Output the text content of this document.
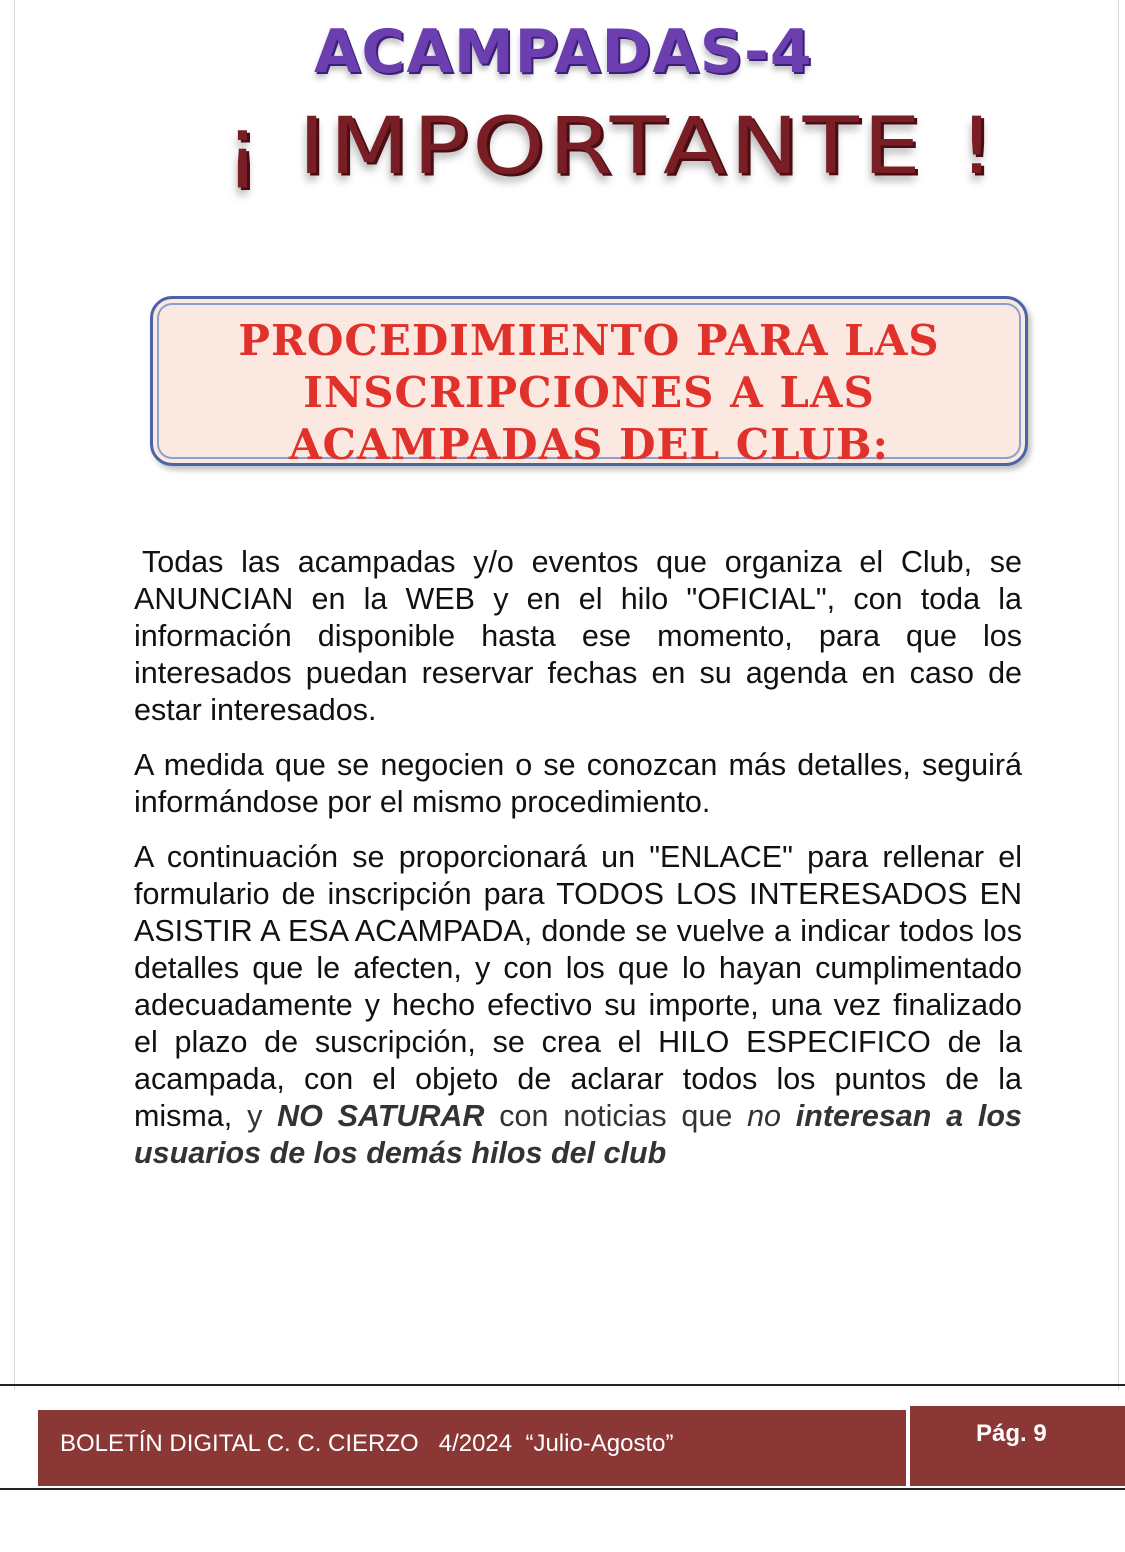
ACAMPADAS-4
¡ IMPORTANTE !
PROCEDIMIENTO PARA LAS
INSCRIPCIONES A LAS
ACAMPADAS DEL CLUB:

Todas las acampadas y/o eventos que organiza el Club, se ANUNCIAN en la WEB y en el hilo "OFICIAL", con toda la información disponible hasta ese momento, para que los interesados puedan reservar fechas en su agenda en caso de estar interesados.

A medida que se negocien o se conozcan más detalles, seguirá informándose por el mismo procedimiento.

A continuación se proporcionará un "ENLACE" para rellenar el formulario de inscripción para TODOS LOS INTERESADOS EN ASISTIR A ESA ACAMPADA, donde se vuelve a indicar todos los detalles que le afecten, y con los que lo hayan cumplimentado adecuadamente y hecho efectivo su importe, una vez finalizado el plazo de suscripción, se crea el HILO ESPECIFICO de la acampada, con el objeto de aclarar todos los puntos de la misma, y NO SATURAR con noticias que no interesan a los usuarios de los demás hilos del club

BOLETÍN DIGITAL C. C. CIERZO   4/2024  “Julio-Agosto”	Pág. 9
